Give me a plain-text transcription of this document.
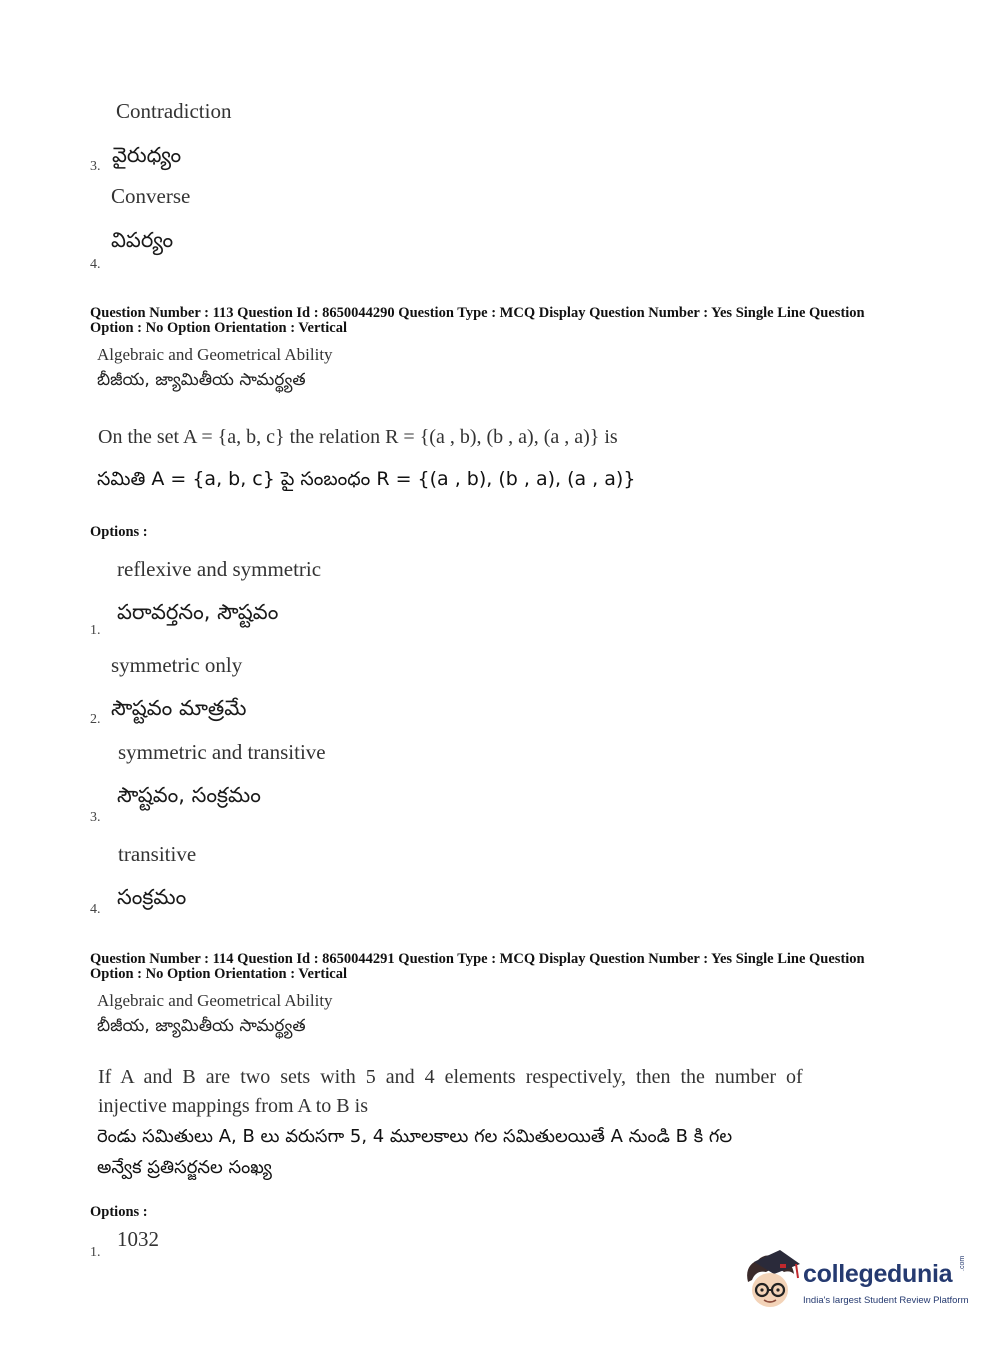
Contradiction
వైరుధ్యం
3.
Converse
విపర్యం
4.
Question Number : 113 Question Id : 8650044290 Question Type : MCQ Display Question Number : Yes Single Line Question
Option : No Option Orientation : Vertical
Algebraic and Geometrical Ability
బీజీయ, జ్యామితీయ సామర్థ్యత
On the set A = {a, b, c} the relation R = {(a , b), (b , a), (a , a)} is
సమితి A = {a, b, c} పై సంబంధం R = {(a , b), (b , a), (a , a)}
Options :
reflexive and symmetric
పరావర్తనం, సౌష్టవం
1.
symmetric only
సౌష్టవం మాత్రమే
2.
symmetric and transitive
సౌష్టవం, సంక్రమం
3.
transitive
సంక్రమం
4.
Question Number : 114 Question Id : 8650044291 Question Type : MCQ Display Question Number : Yes Single Line Question
Option : No Option Orientation : Vertical
Algebraic and Geometrical Ability
బీజీయ, జ్యామితీయ సామర్థ్యత
If  A  and  B  are  two  sets  with  5  and  4  elements  respectively,  then  the  number  of
injective mappings from A to B is
రెండు సమితులు A, B లు వరుసగా 5, 4 మూలకాలు గల సమితులయితే A నుండి B కి గల
అన్వేక ప్రతిసర్జనల సంఖ్య
Options :
1032
1.
collegedunia .com
India's largest Student Review Platform
